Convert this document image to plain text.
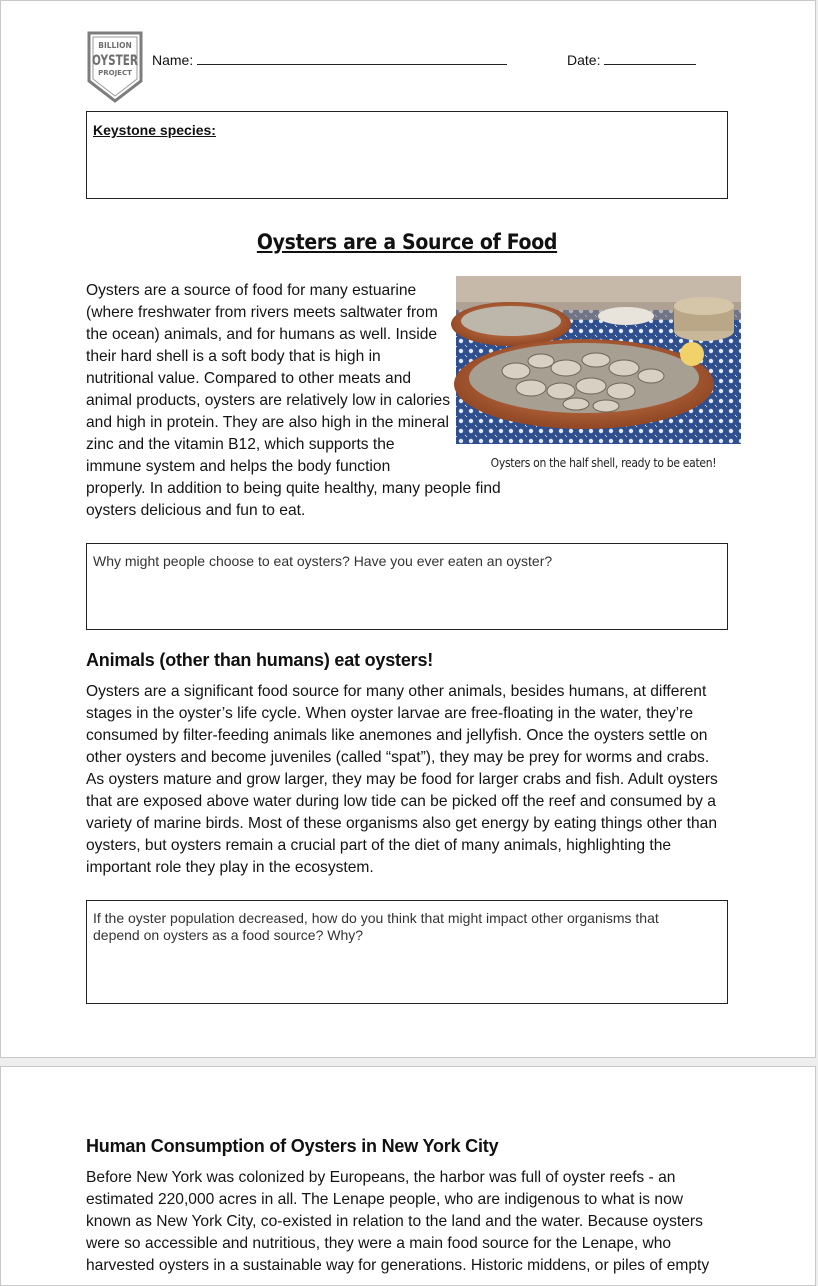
BILLION
OYSTER
PROJECT
Name:	Date:
Keystone species:
Oysters are a Source of Food
Oysters on the half shell, ready to be eaten!
Oysters are a source of food for many estuarine (where freshwater from rivers meets saltwater from the ocean) animals, and for humans as well. Inside their hard shell is a soft body that is high in nutritional value. Compared to other meats and animal products, oysters are relatively low in calories and high in protein. They are also high in the mineral zinc and the vitamin B12, which supports the immune system and helps the body function properly. In addition to being quite healthy, many people find oysters delicious and fun to eat.
Why might people choose to eat oysters? Have you ever eaten an oyster?
Animals (other than humans) eat oysters!
Oysters are a significant food source for many other animals, besides humans, at different stages in the oyster’s life cycle. When oyster larvae are free-floating in the water, they’re consumed by filter-feeding animals like anemones and jellyfish. Once the oysters settle on other oysters and become juveniles (called “spat”), they may be prey for worms and crabs. As oysters mature and grow larger, they may be food for larger crabs and fish. Adult oysters that are exposed above water during low tide can be picked off the reef and consumed by a variety of marine birds. Most of these organisms also get energy by eating things other than oysters, but oysters remain a crucial part of the diet of many animals, highlighting the important role they play in the ecosystem.
If the oyster population decreased, how do you think that might impact other organisms that depend on oysters as a food source? Why?
Human Consumption of Oysters in New York City
Before New York was colonized by Europeans, the harbor was full of oyster reefs - an estimated 220,000 acres in all. The Lenape people, who are indigenous to what is now known as New York City, co-existed in relation to the land and the water. Because oysters were so accessible and nutritious, they were a main food source for the Lenape, who harvested oysters in a sustainable way for generations. Historic middens, or piles of empty
